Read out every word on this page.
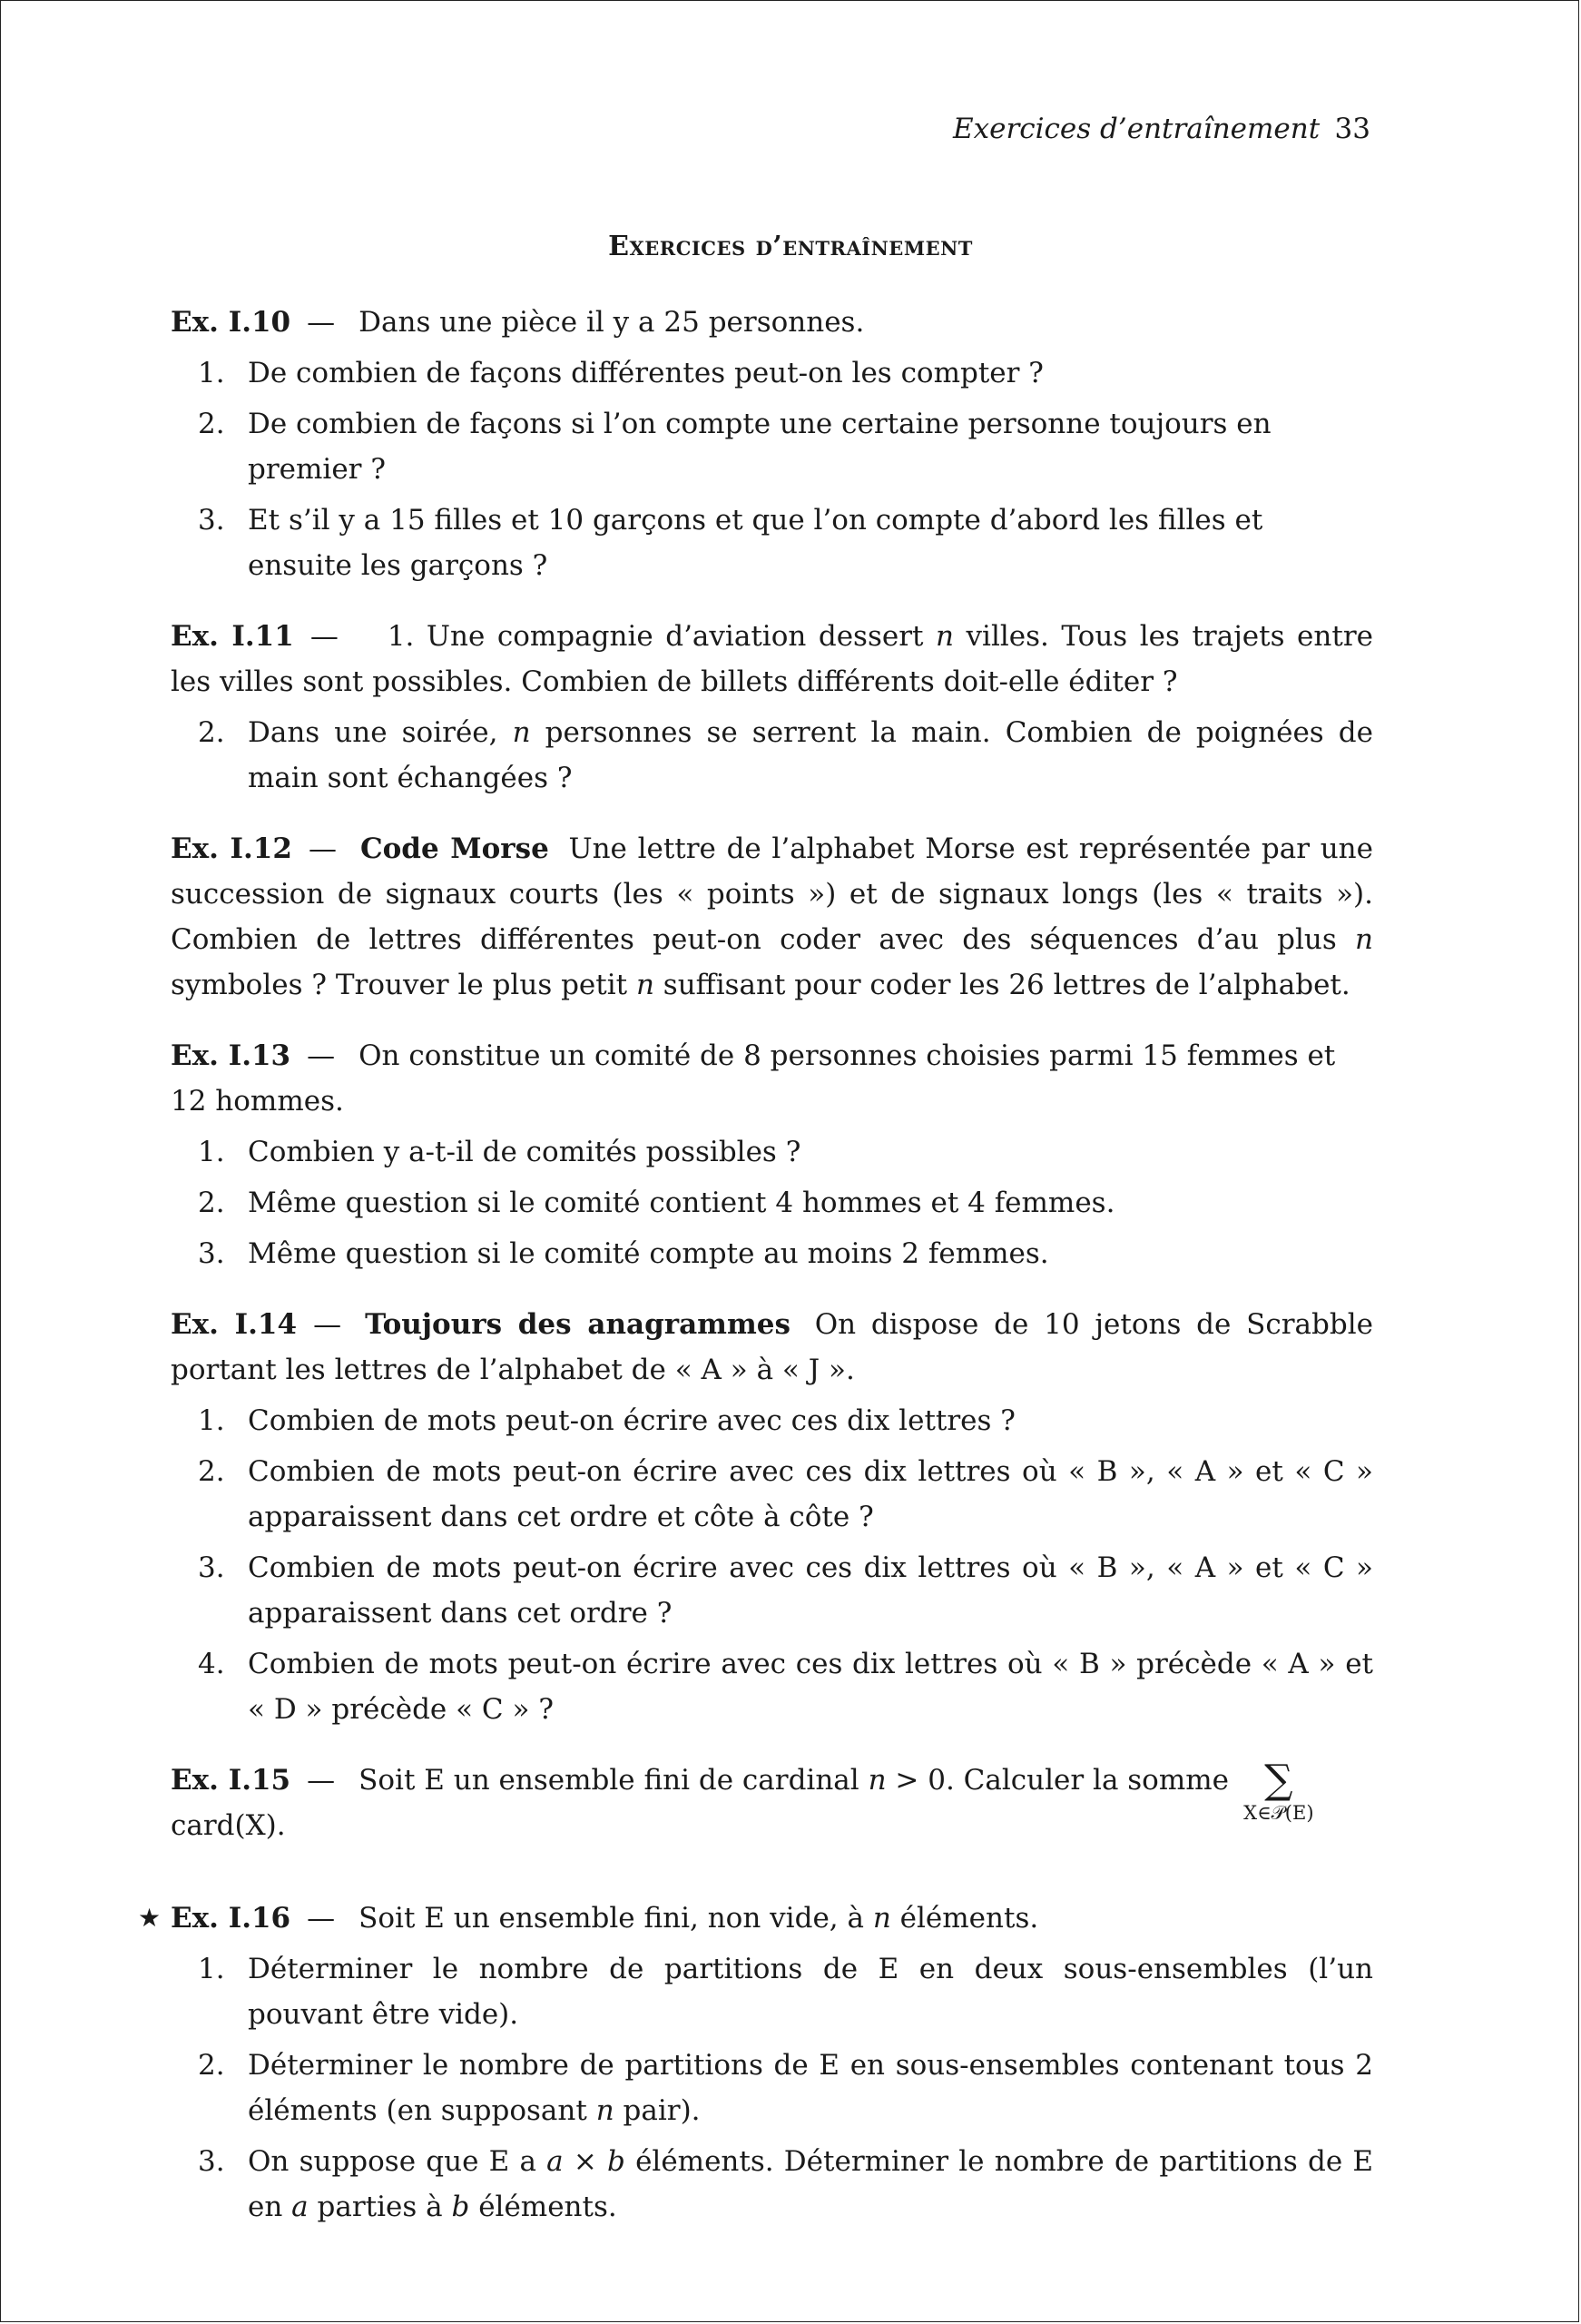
Exercices d’entraînement 33
Exercices d’entraînement

Ex. I.10 — Dans une pièce il y a 25 personnes.

1. De combien de façons différentes peut-on les compter ?
2. De combien de façons si l’on compte une certaine personne toujours en premier ?
3. Et s’il y a 15 filles et 10 garçons et que l’on compte d’abord les filles et ensuite les garçons ?

Ex. I.11 — 1. Une compagnie d’aviation dessert n villes. Tous les trajets entre les villes sont possibles. Combien de billets différents doit-elle éditer ?

2. Dans une soirée, n personnes se serrent la main. Combien de poignées de main sont échangées ?

Ex. I.12 — Code Morse Une lettre de l’alphabet Morse est représentée par une succession de signaux courts (les « points ») et de signaux longs (les « traits »). Combien de lettres différentes peut-on coder avec des séquences d’au plus n symboles ? Trouver le plus petit n suffisant pour coder les 26 lettres de l’alphabet.

Ex. I.13 — On constitue un comité de 8 personnes choisies parmi 15 femmes et 12 hommes.

1. Combien y a-t-il de comités possibles ?
2. Même question si le comité contient 4 hommes et 4 femmes.
3. Même question si le comité compte au moins 2 femmes.

Ex. I.14 — Toujours des anagrammes On dispose de 10 jetons de Scrabble portant les lettres de l’alphabet de « A » à « J ».

1. Combien de mots peut-on écrire avec ces dix lettres ?
2. Combien de mots peut-on écrire avec ces dix lettres où « B », « A » et « C » apparaissent dans cet ordre et côte à côte ?
3. Combien de mots peut-on écrire avec ces dix lettres où « B », « A » et « C » apparaissent dans cet ordre ?
4. Combien de mots peut-on écrire avec ces dix lettres où « B » précède « A » et « D » précède « C » ?

Ex. I.15 — Soit E un ensemble fini de cardinal n > 0. Calculer la somme ∑
X∈𝒫(E)
card(X).

★ Ex. I.16 — Soit E un ensemble fini, non vide, à n éléments.

1. Déterminer le nombre de partitions de E en deux sous-ensembles (l’un pouvant être vide).
2. Déterminer le nombre de partitions de E en sous-ensembles contenant tous 2 éléments (en supposant n pair).
3. On suppose que E a a × b éléments. Déterminer le nombre de partitions de E en a parties à b éléments.
